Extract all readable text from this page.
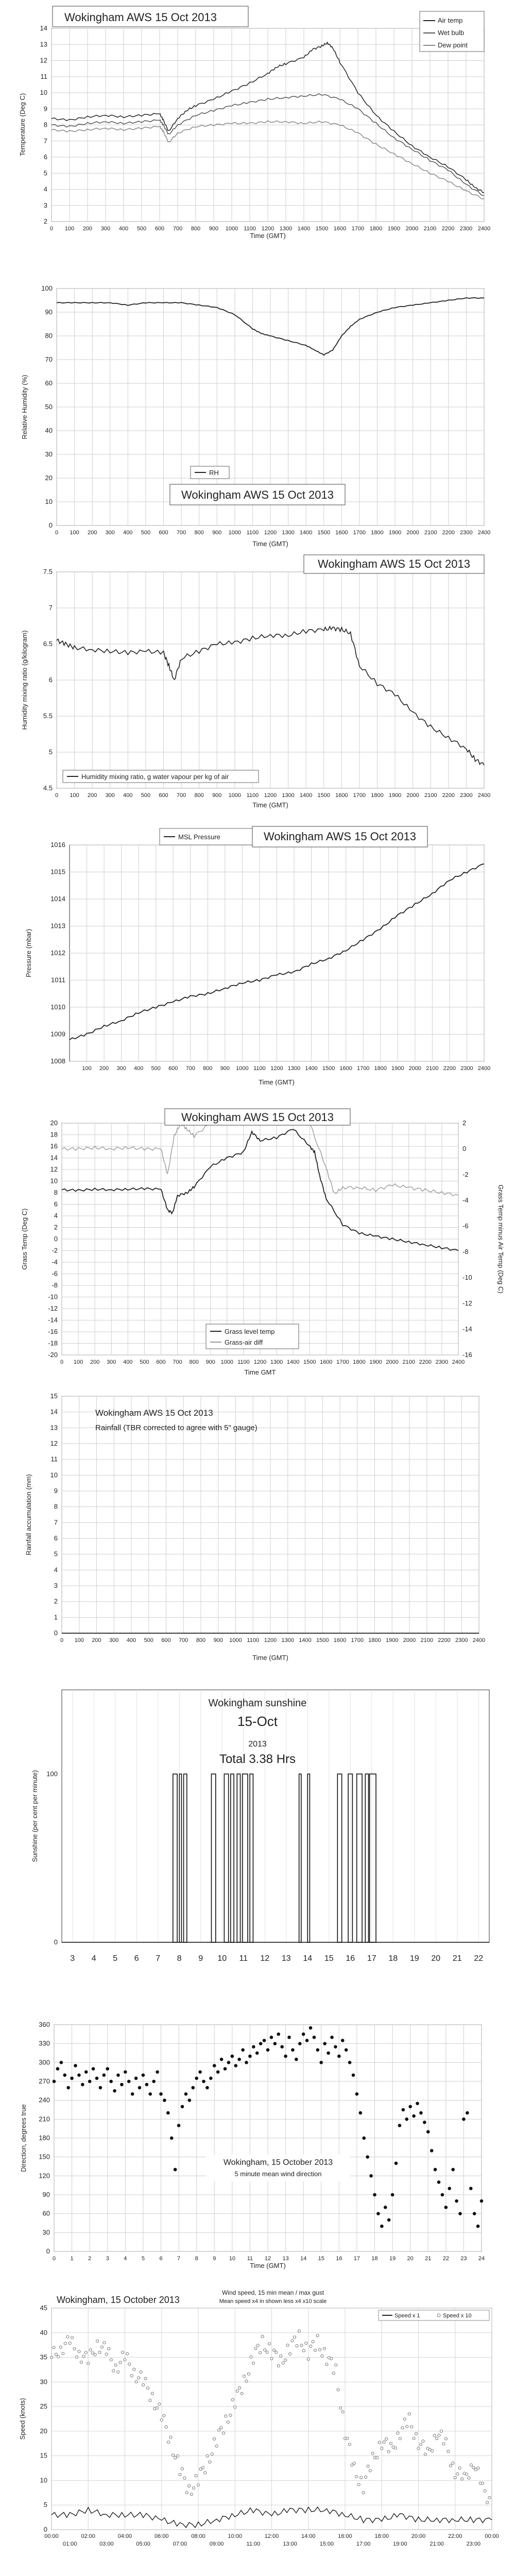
2
3
4
5
6
7
8
9
10
11
12
13
14
0 100 200 300 400 500 600 700 800 900 1000 1100 1200 1300 1400 1500 1600 1700 1800 1900 2000 2100 2200 2300 2400
Wokingham AWS 15 Oct 2013	Air temp
Wet bulb
Dew point
Time (GMT)
Temperature (Deg C)
0
10
20
30
40
50
60
70
80
90
100
0 100 200 300 400 500 600 700 800 900 1000 1100 1200 1300 1400 1500 1600 1700 1800 1900 2000 2100 2200 2300 2400
RH
Wokingham AWS 15 Oct 2013
Time (GMT)
Relative Humidity (%)
4.5
5
5.5
6
6.5
7
7.5
0 100 200 300 400 500 600 700 800 900 1000 1100 1200 1300 1400 1500 1600 1700 1800 1900 2000 2100 2200 2300 2400
Wokingham AWS 15 Oct 2013
Humidity mixing ratio, g water vapour per kg of air
Time (GMT)
Humidity mixing ratio (g/kilogram)
1008
1009
1010
1011
1012
1013
1014
1015
1016
100 200 300 400 500 600 700 800 900 1000 1100 1200 1300 1400 1500 1600 1700 1800 1900 2000 2100 2200 2300 2400
MSL Pressure	Wokingham AWS 15 Oct 2013
Time (GMT)
Pressure (mbar)
-20
-18
-16
-14
-12
-10
-8
-6
-4
-2
0
2
4
6
8
10
12
14
16
18
20
0 100 200 300 400 500 600 700 800 900 1000 1100 1200 1300 1400 1500 1600 1700 1800 1900 2000 2100 2200 2300 2400
-16
-14
-12
-10
-8
-6
-4
-2
0
2
Wokingham AWS 15 Oct 2013
Grass level temp
Grass-air diff
Time GMT
Grass Temp (Deg C)	Grass Temp minus Air Temp (Deg C)
0
1
2
3
4
5
6
7
8
9
10
11
12
13
14
15
0 100 200 300 400 500 600 700 800 900 1000 1100 1200 1300 1400 1500 1600 1700 1800 1900 2000 2100 2200 2300 2400
Wokingham AWS 15 Oct 2013
Rainfall (TBR corrected to agree with 5" gauge)
Time (GMT)
Rainfall accumulation (mm)
3 4 5 6 7 8 9 10 11 12 13 14 15 16 17 18 19 20 21 22
0
100
Wokingham sunshine
15-Oct
2013
Total 3.38 Hrs
Sunshine (per cent per minute)
0
30
60
90
120
150
180
210
240
270
300
330
360
0	1	2	3	4	5	6	7	8	9 10 11 12 13 14 15 16 17 18 19 20 21 22 23 24
Wokingham, 15 October 2013
5 minute mean wind direction
Time (GMT)
Direction, degrees true
0
5
10
15
20
25
30
35
40
45
00:00	02:00	04:00	06:00	08:00	10:00	12:00	14:00	16:00	18:00	20:00	22:00	00:00
01:00	03:00	05:00	07:00	09:00	11:00	13:00	15:00	17:00	19:00	21:00	23:00
Wokingham, 15 October 2013
Wind speed, 15 min mean / max gust
Mean speed x4 in shown less x4 x10 scale
Speed x 1	Speed x 10
Speed (knots)
